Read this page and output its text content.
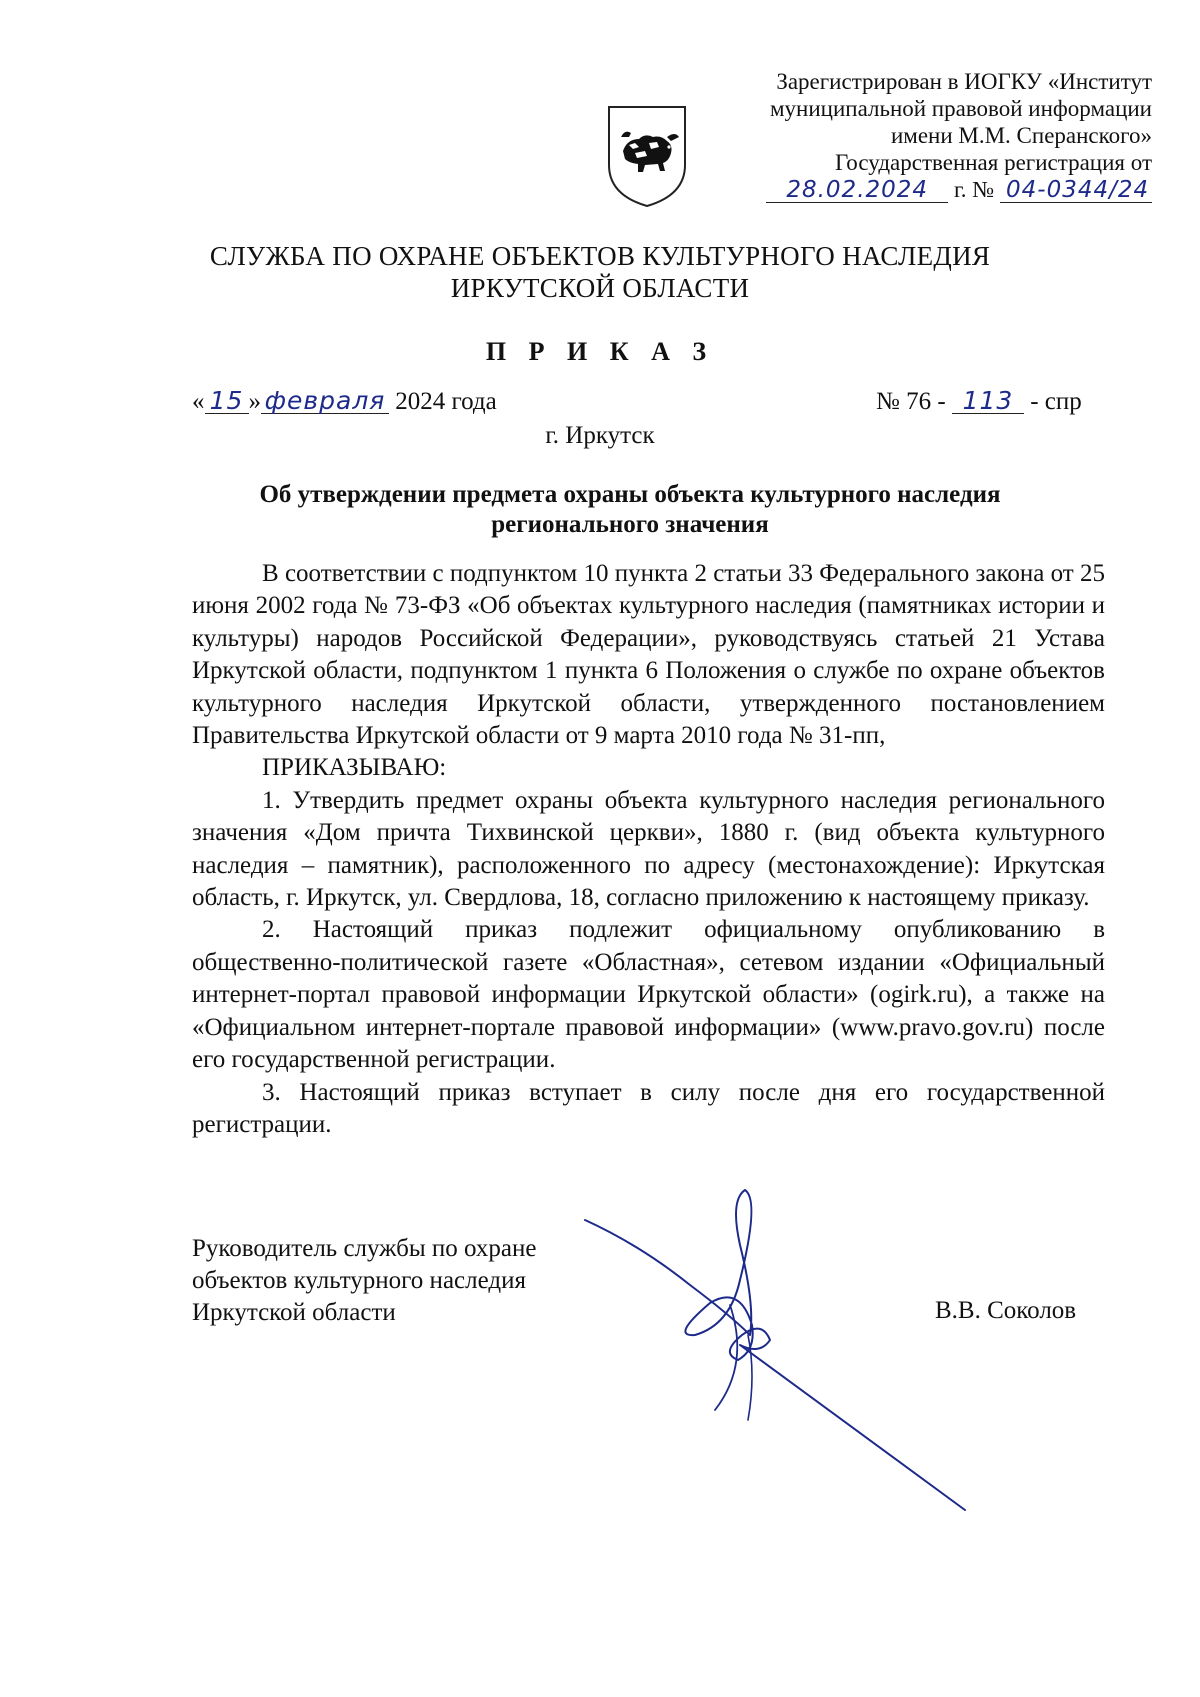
Зарегистрирован в ИОГКУ «Институт
муниципальной правовой информации
имени М.М. Сперанского»
Государственная регистрация от
28.02.2024 г. № 04-0344/24
СЛУЖБА ПО ОХРАНЕ ОБЪЕКТОВ КУЛЬТУРНОГО НАСЛЕДИЯ
ИРКУТСКОЙ ОБЛАСТИ
П Р И К А З
« 15 » февраля 2024 года	№ 76 - 113 - спр
г. Иркутск
Об утверждении предмета охраны объекта культурного наследия
регионального значения

В соответствии с подпунктом 10 пункта 2 статьи 33 Федерального закона от 25 июня 2002 года № 73-ФЗ «Об объектах культурного наследия (памятниках истории и культуры) народов Российской Федерации», руководствуясь статьей 21 Устава Иркутской области, подпунктом 1 пункта 6 Положения о службе по охране объектов культурного наследия Иркутской области, утвержденного постановлением Правительства Иркутской области от 9 марта 2010 года № 31-пп,

ПРИКАЗЫВАЮ:

1. Утвердить предмет охраны объекта культурного наследия регионального значения «Дом причта Тихвинской церкви», 1880 г. (вид объекта культурного наследия – памятник), расположенного по адресу (местонахождение): Иркутская область, г. Иркутск, ул. Свердлова, 18, согласно приложению к настоящему приказу.

2. Настоящий приказ подлежит официальному опубликованию в общественно-политической газете «Областная», сетевом издании «Официальный интернет-портал правовой информации Иркутской области» (ogirk.ru), а также на «Официальном интернет-портале правовой информации» (www.pravo.gov.ru) после его государственной регистрации.

3. Настоящий приказ вступает в силу после дня его государственной регистрации.

Руководитель службы по охране
объектов культурного наследия
Иркутской области	В.В. Соколов
